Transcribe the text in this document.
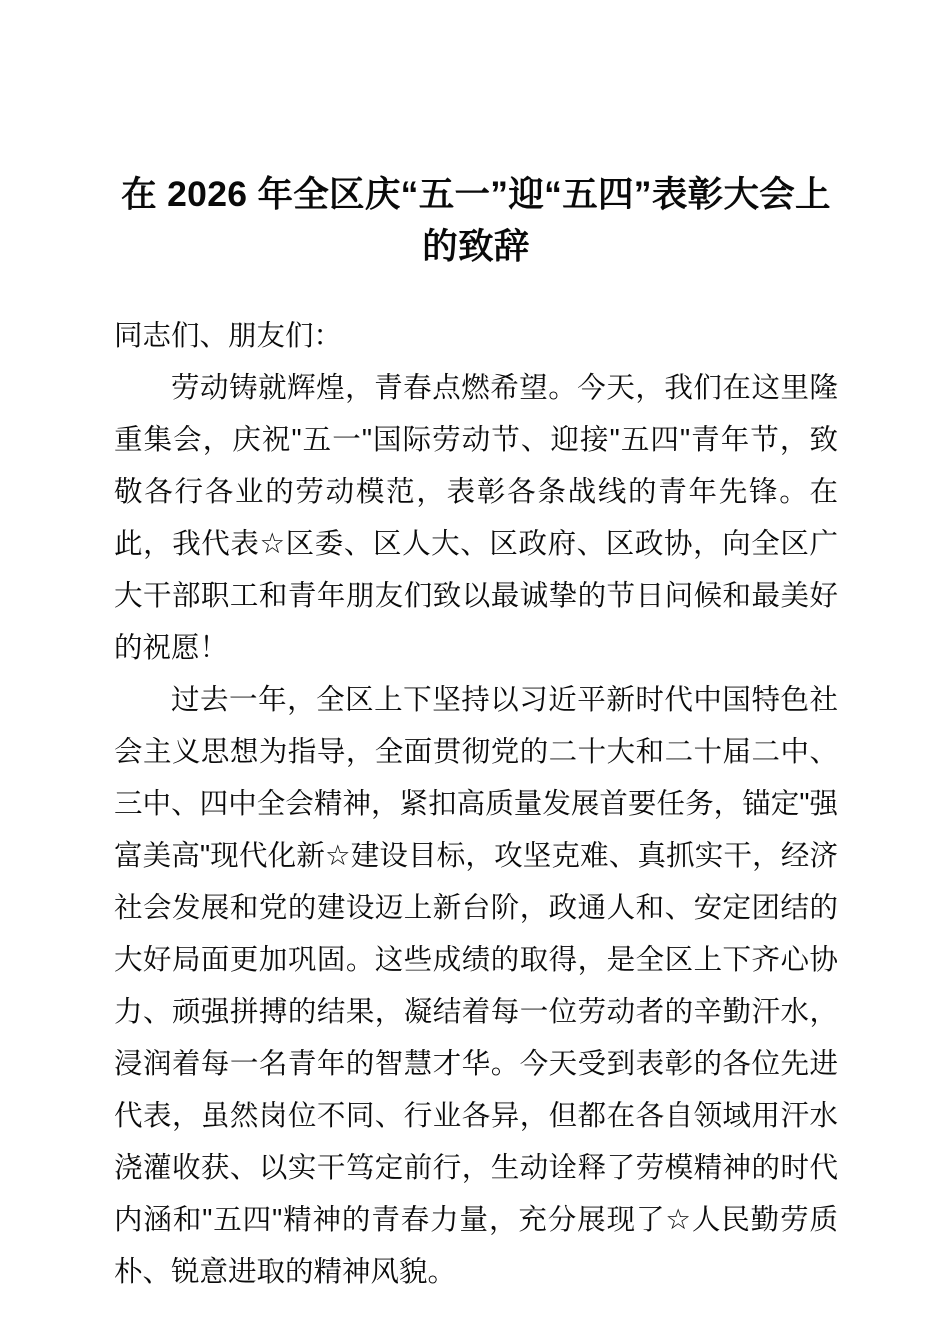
在 2026 年全区庆“五一”迎“五四”表彰大会上的致辞

同志们、朋友们：

劳动铸就辉煌，青春点燃希望。今天，我们在这里隆重集会，庆祝"五一"国际劳动节、迎接"五四"青年节，致敬各行各业的劳动模范，表彰各条战线的青年先锋。在此，我代表☆区委、区人大、区政府、区政协，向全区广大干部职工和青年朋友们致以最诚挚的节日问候和最美好的祝愿！

过去一年，全区上下坚持以习近平新时代中国特色社会主义思想为指导，全面贯彻党的二十大和二十届二中、三中、四中全会精神，紧扣高质量发展首要任务，锚定"强富美高"现代化新☆建设目标，攻坚克难、真抓实干，经济社会发展和党的建设迈上新台阶，政通人和、安定团结的大好局面更加巩固。这些成绩的取得，是全区上下齐心协力、顽强拼搏的结果，凝结着每一位劳动者的辛勤汗水，浸润着每一名青年的智慧才华。今天受到表彰的各位先进代表，虽然岗位不同、行业各异，但都在各自领域用汗水浇灌收获、以实干笃定前行，生动诠释了劳模精神的时代内涵和"五四"精神的青春力量，充分展现了☆人民勤劳质朴、锐意进取的精神风貌。
